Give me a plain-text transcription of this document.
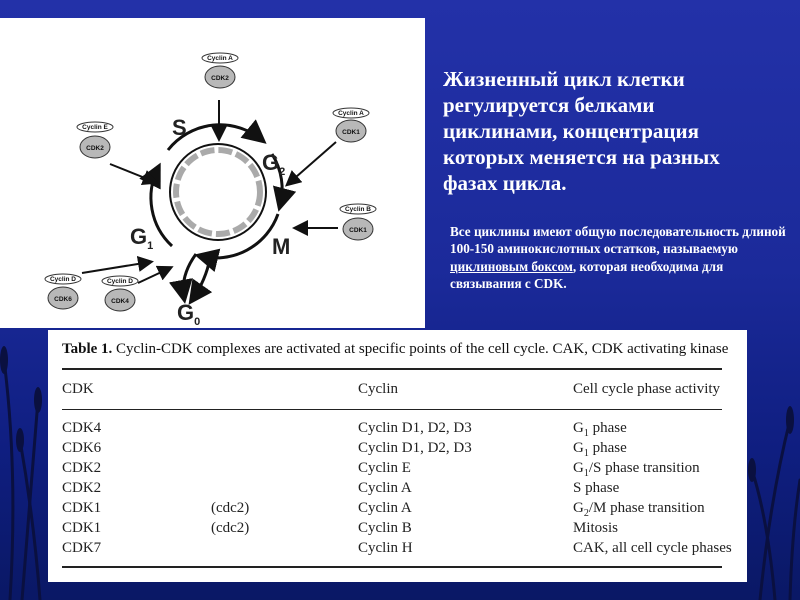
S
$G_2$
M
$G_1$
$G_0$
Cyclin A
CDK2
Cyclin E
CDK2
Cyclin A
CDK1
Cyclin B
CDK1
Cyclin D
CDK6
Cyclin D
CDK4
Жизненный цикл клетки регулируется белками циклинами, концентрация которых меняется на разных фазах цикла.
Все циклины имеют общую последовательность длиной 100-150 аминокислотных остатков, называемую циклиновым боксом, которая необходима для связывания с CDK.
Table 1. Cyclin-CDK complexes are activated at specific points of the cell cycle. CAK, CDK activating kinase
CDK	Cyclin	Cell cycle phase activity
CDK4	Cyclin D1, D2, D3	$G_1$ phase
CDK6	Cyclin D1, D2, D3	$G_1$ phase
CDK2	Cyclin E	$G_1/S$ phase transition
CDK2	Cyclin A	S phase
CDK1	(cdc2)	Cyclin A	$G_2/M$ phase transition
CDK1	(cdc2)	Cyclin B	Mitosis
CDK7	Cyclin H	CAK, all cell cycle phases
